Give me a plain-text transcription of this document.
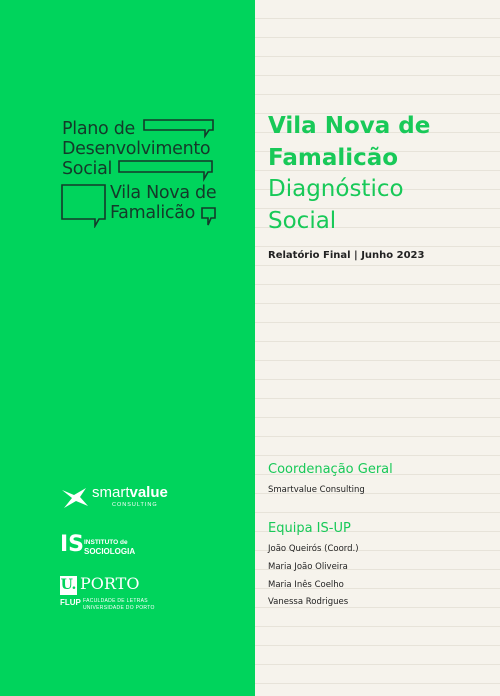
Plano de
Desenvolvimento
Social
Vila Nova de
Famalicão
Vila Nova de
Famalicão
Diagnóstico
Social
Relatório Final | Junho 2023
Coordenação Geral
Smartvalue Consulting
Equipa IS-UP
João Queirós (Coord.)
Maria João Oliveira
Maria Inês Coelho
Vanessa Rodrigues
smartvalue
CONSULTING
IS INSTITUTO de
SOCIOLOGIA
U. PORTO
FLUP FACULDADE DE LETRAS
UNIVERSIDADE DO PORTO
